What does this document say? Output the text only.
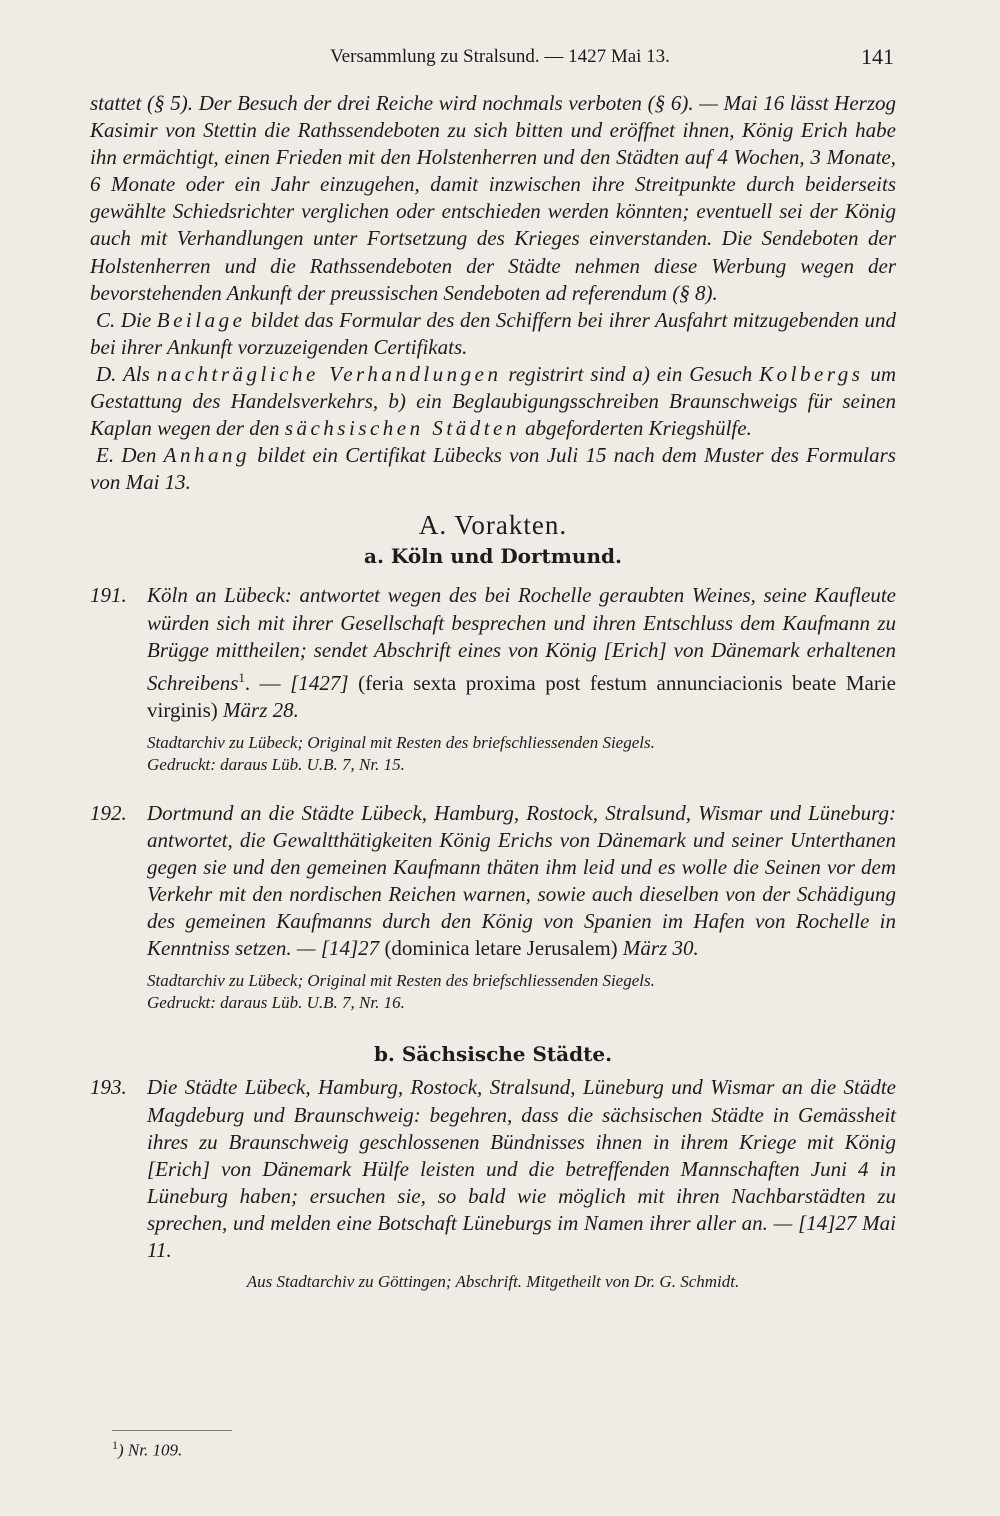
Versammlung zu Stralsund. — 1427 Mai 13.	141

stattet (§ 5). Der Besuch der drei Reiche wird nochmals verboten (§ 6). — Mai 16 lässt Herzog Kasimir von Stettin die Rathssendeboten zu sich bitten und eröffnet ihnen, König Erich habe ihn ermächtigt, einen Frieden mit den Holstenherren und den Städten auf 4 Wochen, 3 Monate, 6 Monate oder ein Jahr einzugehen, damit inzwischen ihre Streitpunkte durch beiderseits gewählte Schiedsrichter verglichen oder entschieden werden könnten; eventuell sei der König auch mit Verhandlungen unter Fortsetzung des Krieges einverstanden. Die Sendeboten der Holstenherren und die Rathssendeboten der Städte nehmen diese Werbung wegen der bevorstehenden Ankunft der preussischen Sendeboten ad referendum (§ 8).

C. Die Beilage bildet das Formular des den Schiffern bei ihrer Ausfahrt mitzugebenden und bei ihrer Ankunft vorzuzeigenden Certifikats.

D. Als nachträgliche Verhandlungen registrirt sind a) ein Gesuch Kolbergs um Gestattung des Handelsverkehrs, b) ein Beglaubigungsschreiben Braunschweigs für seinen Kaplan wegen der den sächsischen Städten abgeforderten Kriegshülfe.

E. Den Anhang bildet ein Certifikat Lübecks von Juli 15 nach dem Muster des Formulars von Mai 13.

A. Vorakten.
a. Köln und Dortmund.
191. Köln an Lübeck: antwortet wegen des bei Rochelle geraubten Weines, seine Kaufleute würden sich mit ihrer Gesellschaft besprechen und ihren Entschluss dem Kaufmann zu Brügge mittheilen; sendet Abschrift eines von König [Erich] von Dänemark erhaltenen Schreibens$^1$. — [1427] (feria sexta proxima post festum annunciacionis beate Marie virginis) März 28.

Stadtarchiv zu Lübeck; Original mit Resten des briefschliessenden Siegels.
Gedruckt: daraus Lüb. U.B. 7, Nr. 15.
192. Dortmund an die Städte Lübeck, Hamburg, Rostock, Stralsund, Wismar und Lüneburg: antwortet, die Gewaltthätigkeiten König Erichs von Dänemark und seiner Unterthanen gegen sie und den gemeinen Kaufmann thäten ihm leid und es wolle die Seinen vor dem Verkehr mit den nordischen Reichen warnen, sowie auch dieselben von der Schädigung des gemeinen Kaufmanns durch den König von Spanien im Hafen von Rochelle in Kenntniss setzen. — [14]27 (dominica letare Jerusalem) März 30.

Stadtarchiv zu Lübeck; Original mit Resten des briefschliessenden Siegels.
Gedruckt: daraus Lüb. U.B. 7, Nr. 16.
b. Sächsische Städte.
193. Die Städte Lübeck, Hamburg, Rostock, Stralsund, Lüneburg und Wismar an die Städte Magdeburg und Braunschweig: begehren, dass die sächsischen Städte in Gemässheit ihres zu Braunschweig geschlossenen Bündnisses ihnen in ihrem Kriege mit König [Erich] von Dänemark Hülfe leisten und die betreffenden Mannschaften Juni 4 in Lüneburg haben; ersuchen sie, so bald wie möglich mit ihren Nachbarstädten zu sprechen, und melden eine Botschaft Lüneburgs im Namen ihrer aller an. — [14]27 Mai 11.

Aus Stadtarchiv zu Göttingen; Abschrift. Mitgetheilt von Dr. G. Schmidt.
$^1$) Nr. 109.
